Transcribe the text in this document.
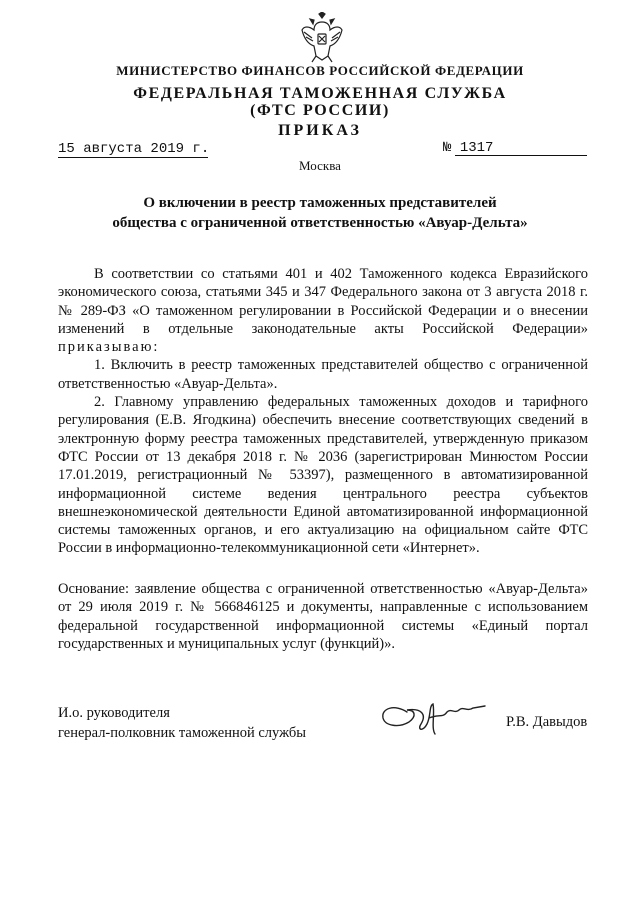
МИНИСТЕРСТВО ФИНАНСОВ РОССИЙСКОЙ ФЕДЕРАЦИИ
ФЕДЕРАЛЬНАЯ ТАМОЖЕННАЯ СЛУЖБА
(ФТС РОССИИ)
ПРИКАЗ
15 августа 2019 г.	№ 1317
Москва
О включении в реестр таможенных представителей
общества с ограниченной ответственностью «Авуар-Дельта»

В соответствии со статьями 401 и 402 Таможенного кодекса Евразийского экономического союза, статьями 345 и 347 Федерального закона от 3 августа 2018 г. № 289-ФЗ «О таможенном регулировании в Российской Федерации и о внесении изменений в отдельные законодательные акты Российской Федерации» приказываю:

1. Включить в реестр таможенных представителей общество с ограниченной ответственностью «Авуар-Дельта».

2. Главному управлению федеральных таможенных доходов и тарифного регулирования (Е.В. Ягодкина) обеспечить внесение соответствующих сведений в электронную форму реестра таможенных представителей, утвержденную приказом ФТС России от 13 декабря 2018 г. № 2036 (зарегистрирован Минюстом России 17.01.2019, регистрационный № 53397), размещенного в автоматизированной информационной системе ведения центрального реестра субъектов внешнеэкономической деятельности Единой автоматизированной информационной системы таможенных органов, и его актуализацию на официальном сайте ФТС России в информационно-телекоммуникационной сети «Интернет».

Основание: заявление общества с ограниченной ответственностью «Авуар-Дельта» от 29 июля 2019 г. № 566846125 и документы, направленные с использованием федеральной государственной информационной системы «Единый портал государственных и муниципальных услуг (функций)».

И.о. руководителя
генерал-полковник таможенной службы
Р.В. Давыдов
